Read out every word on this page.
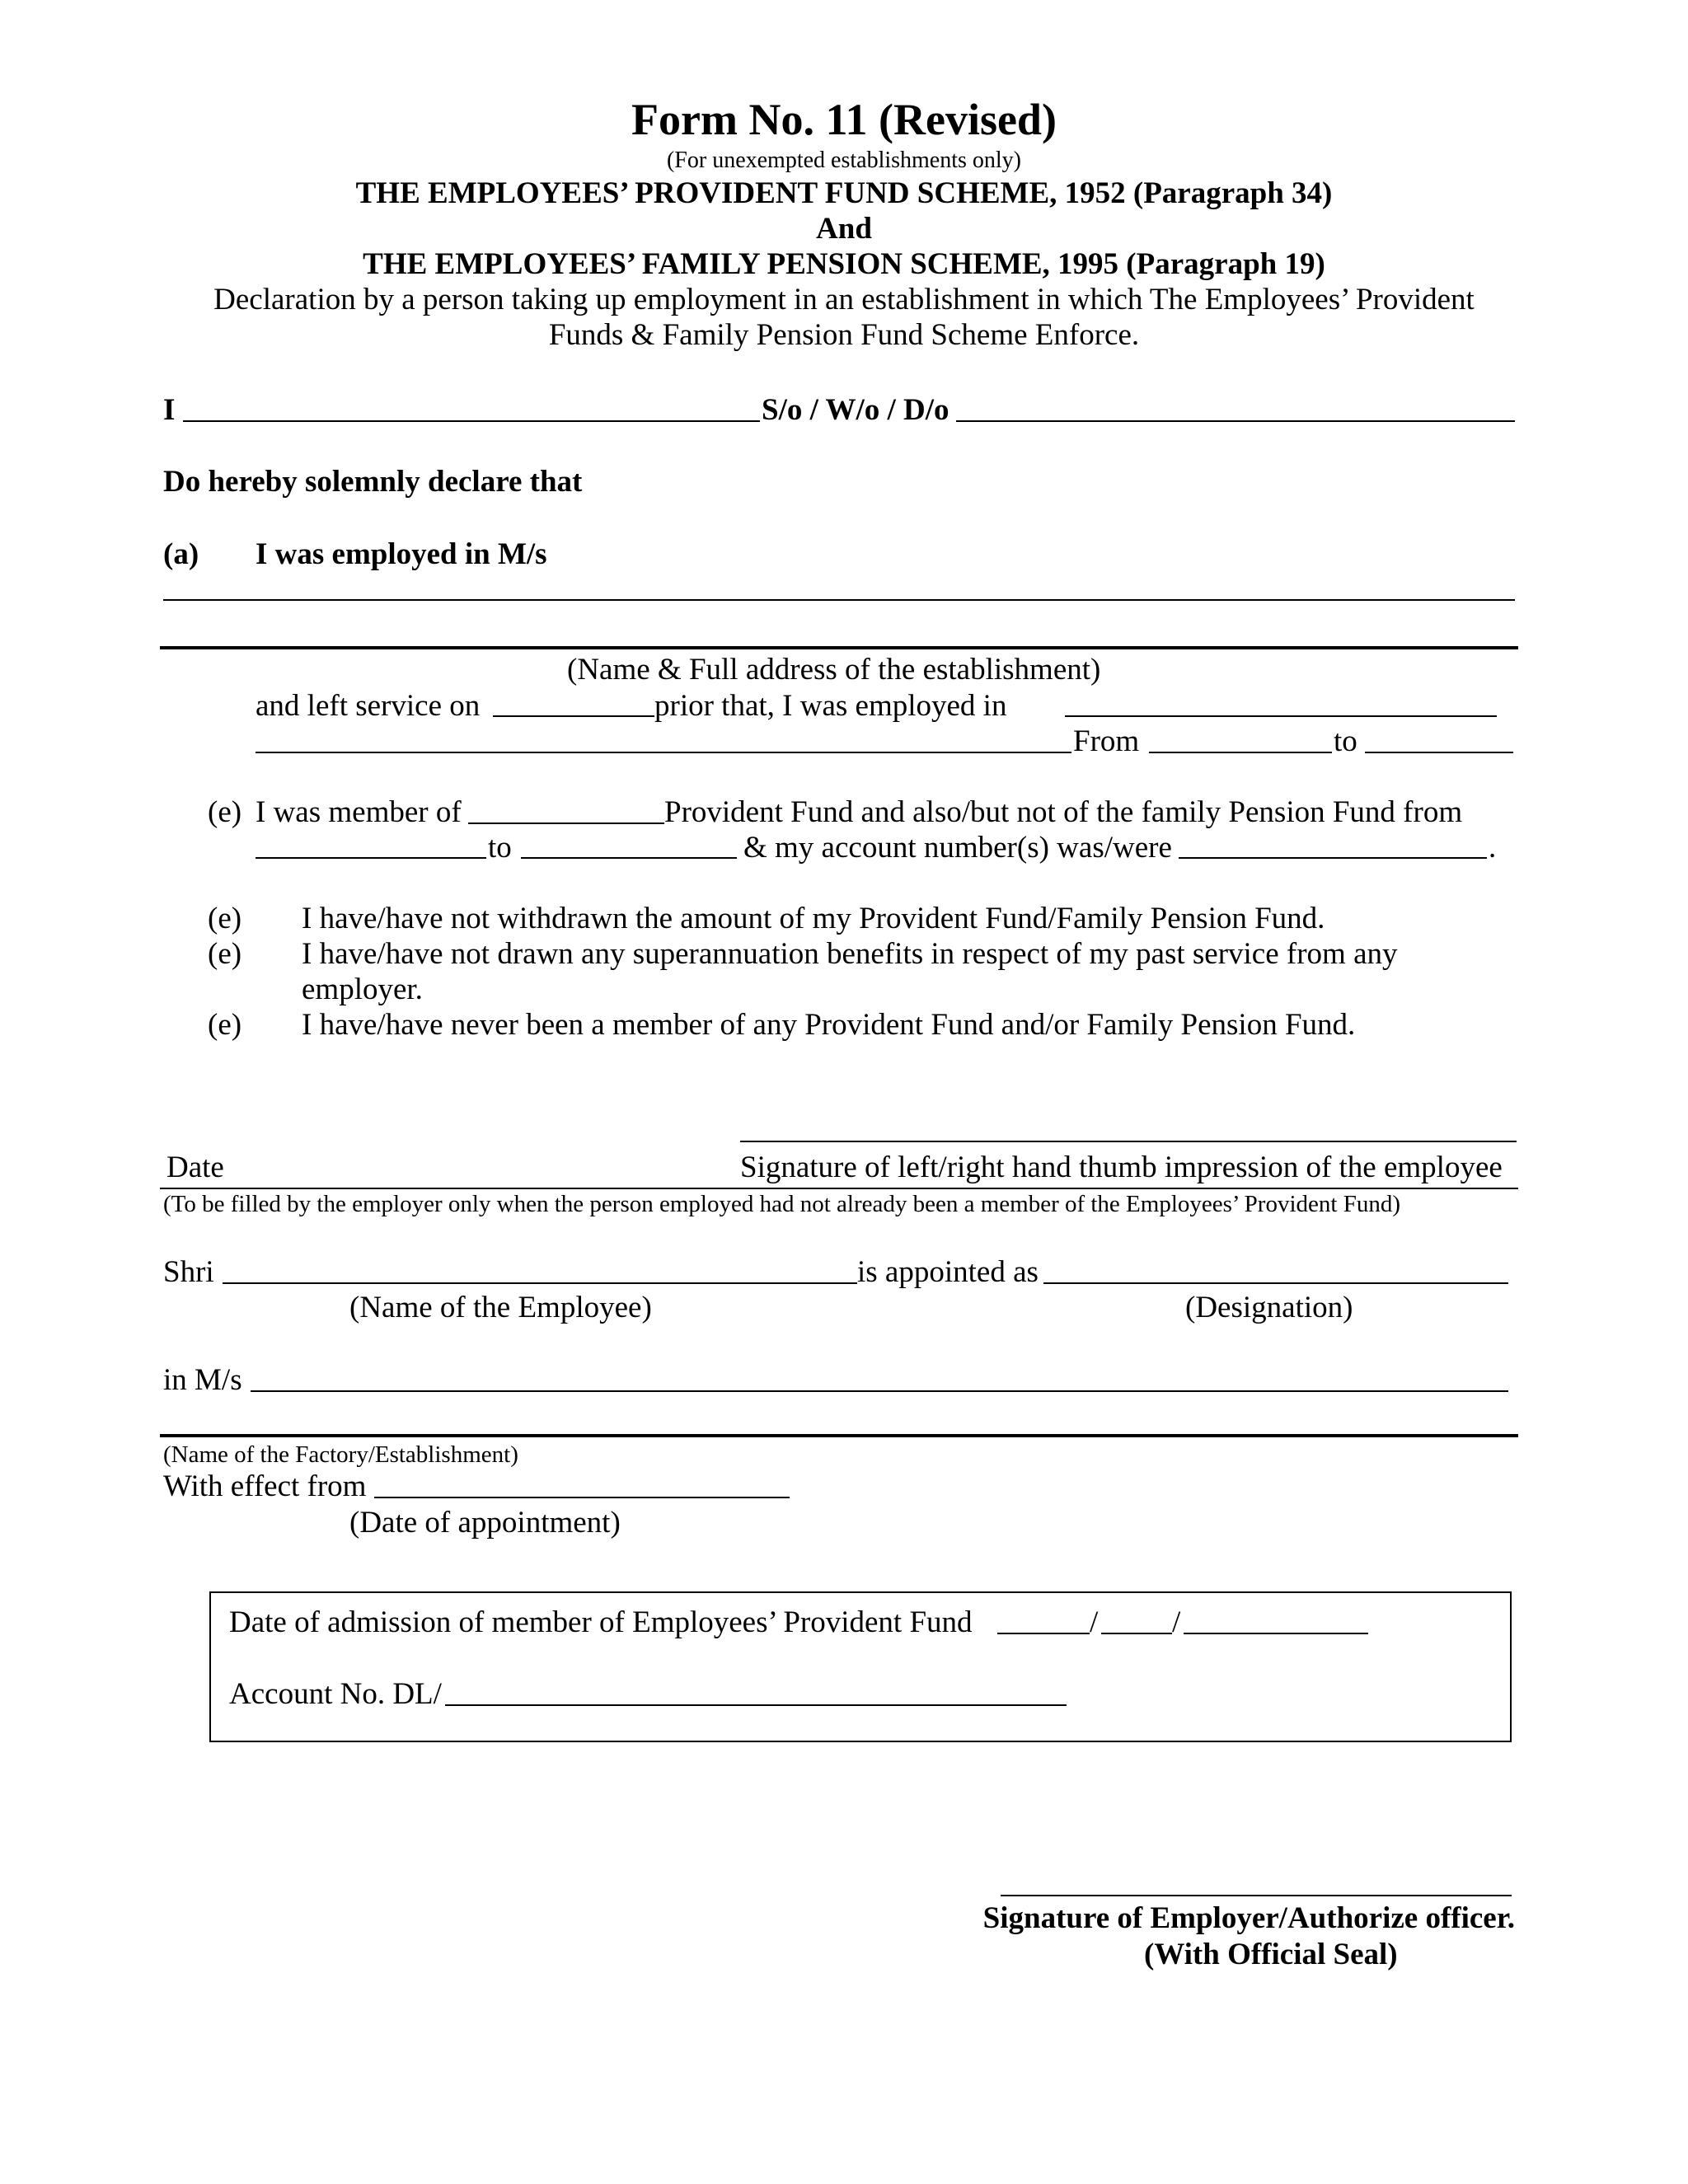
Form No. 11 (Revised)
(For unexempted establishments only)
THE EMPLOYEES’ PROVIDENT FUND SCHEME, 1952 (Paragraph 34)
And
THE EMPLOYEES’ FAMILY PENSION SCHEME, 1995 (Paragraph 19)
Declaration by a person taking up employment in an establishment in which The Employees’ Provident
Funds & Family Pension Fund Scheme Enforce.
I	S/o / W/o / D/o
Do hereby solemnly declare that
(a) I was employed in M/s
(Name & Full address of the establishment)
and left service on	prior that, I was employed in
From	to
(e) I was member of	Provident Fund and also/but not of the family Pension Fund from
to	& my account number(s) was/were	.
(e) I have/have not withdrawn the amount of my Provident Fund/Family Pension Fund.
(e) I have/have not drawn any superannuation benefits in respect of my past service from any
employer.
(e) I have/have never been a member of any Provident Fund and/or Family Pension Fund.
Date	Signature of left/right hand thumb impression of the employee
(To be filled by the employer only when the person employed had not already been a member of the Employees’ Provident Fund)
Shri	is appointed as
(Name of the Employee)	(Designation)
in M/s
(Name of the Factory/Establishment)
With effect from
(Date of appointment)
Date of admission of member of Employees’ Provident Fund	/ /
Account No. DL/
Signature of Employer/Authorize officer.
(With Official Seal)
